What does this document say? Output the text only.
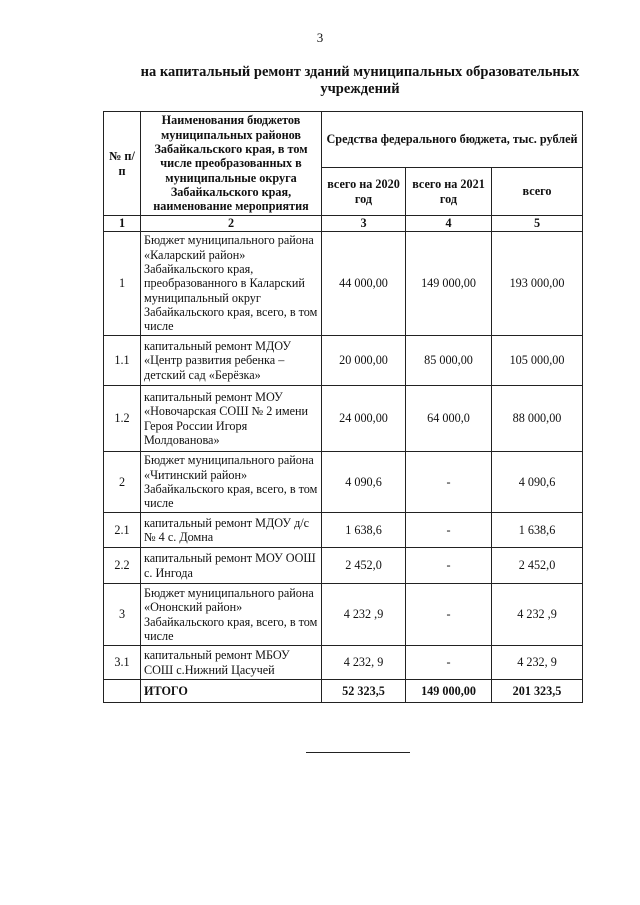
3
на капитальный ремонт зданий муниципальных образовательных учреждений
№ п/п	Наименования бюджетов муниципальных районов Забайкальского края, в том числе преобразованных в муниципальные округа Забайкальского края, наименование мероприятия	Средства федерального бюджета, тыс. рублей		
		всего на 2020 год	всего на 2021 год	всего
1	2	3	4	5
1	Бюджет муниципального района «Каларский район» Забайкальского края, преобразованного в Каларский муниципальный округ Забайкальского края, всего, в том числе	44 000,00	149 000,00	193 000,00
1.1	капитальный ремонт МДОУ «Центр развития ребенка – детский сад «Берёзка»	20 000,00	85 000,00	105 000,00
1.2	капитальный ремонт МОУ «Новочарская СОШ № 2 имени Героя России Игоря Молдованова»	24 000,00	64 000,0	88 000,00
2	Бюджет муниципального района «Читинский район» Забайкальского края, всего, в том числе	4 090,6	-	4 090,6
2.1	капитальный ремонт МДОУ д/с № 4 с. Домна	1 638,6	-	1 638,6
2.2	капитальный ремонт МОУ ООШ с. Ингода	2 452,0	-	2 452,0
3	Бюджет муниципального района «Ононский район» Забайкальского края, всего, в том числе	4 232 ,9	-	4 232 ,9
3.1	капитальный ремонт МБОУ СОШ с.Нижний Цасучей	4 232, 9	-	4 232, 9
	ИТОГО	52 323,5	149 000,00	201 323,5
